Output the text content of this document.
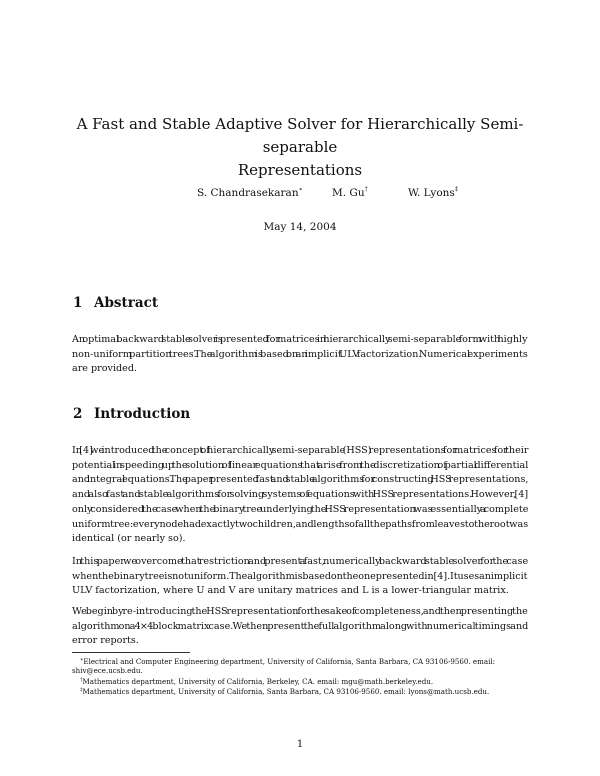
A Fast and Stable Adaptive Solver for Hierarchically Semi-separable
Representations
S. Chandrasekaran∗	M. Gu†	W. Lyons‡
May 14, 2004
1 Abstract

An optimal backward stable solver is presented for matrices in hierarchically semi-separable form with highly
non-uniform partition trees. The algorithm is based on an implicit ULV factorization. Numerical experiments
are provided.

2 Introduction

In [4] we introduced the concept of hierarchically semi-separable (HSS) representations for matrices for their
potential in speeding up the solution of linear equations that arise from the discretization of partial differential
and integral equations. The paper presented fast and stable algorithms for constructing HSS representations,
and also fast and stable algorithms for solving systems of equations with HSS representations. However, [4]
only considered the case when the binary tree underlying the HSS representation was essentially a complete
uniform tree: every node had exactly two children, and lengths of all the paths from leaves to the root was
identical (or nearly so).

In this paper we overcome that restriction and present a fast, numerically backward stable solver for the case
when the binary tree is not uniform. The algorithm is based on the one presented in [4]. It uses an implicit
ULV factorization, where U and V are unitary matrices and L is a lower-triangular matrix.

We begin by re-introducing the HSS representation for the sake of completeness, and then presenting the
algorithm on a 4 × 4 block matrix case. We then present the full algorithm along with numerical timings and
error reports.

∗Electrical and Computer Engineering department, University of California, Santa Barbara, CA 93106-9560. email:
shiv@ece.ucsb.edu.
†Mathematics department, University of California, Berkeley, CA. email: mgu@math.berkeley.edu.
‡Mathematics department, University of California, Santa Barbara, CA 93106-9560. email: lyons@math.ucsb.edu.
1
